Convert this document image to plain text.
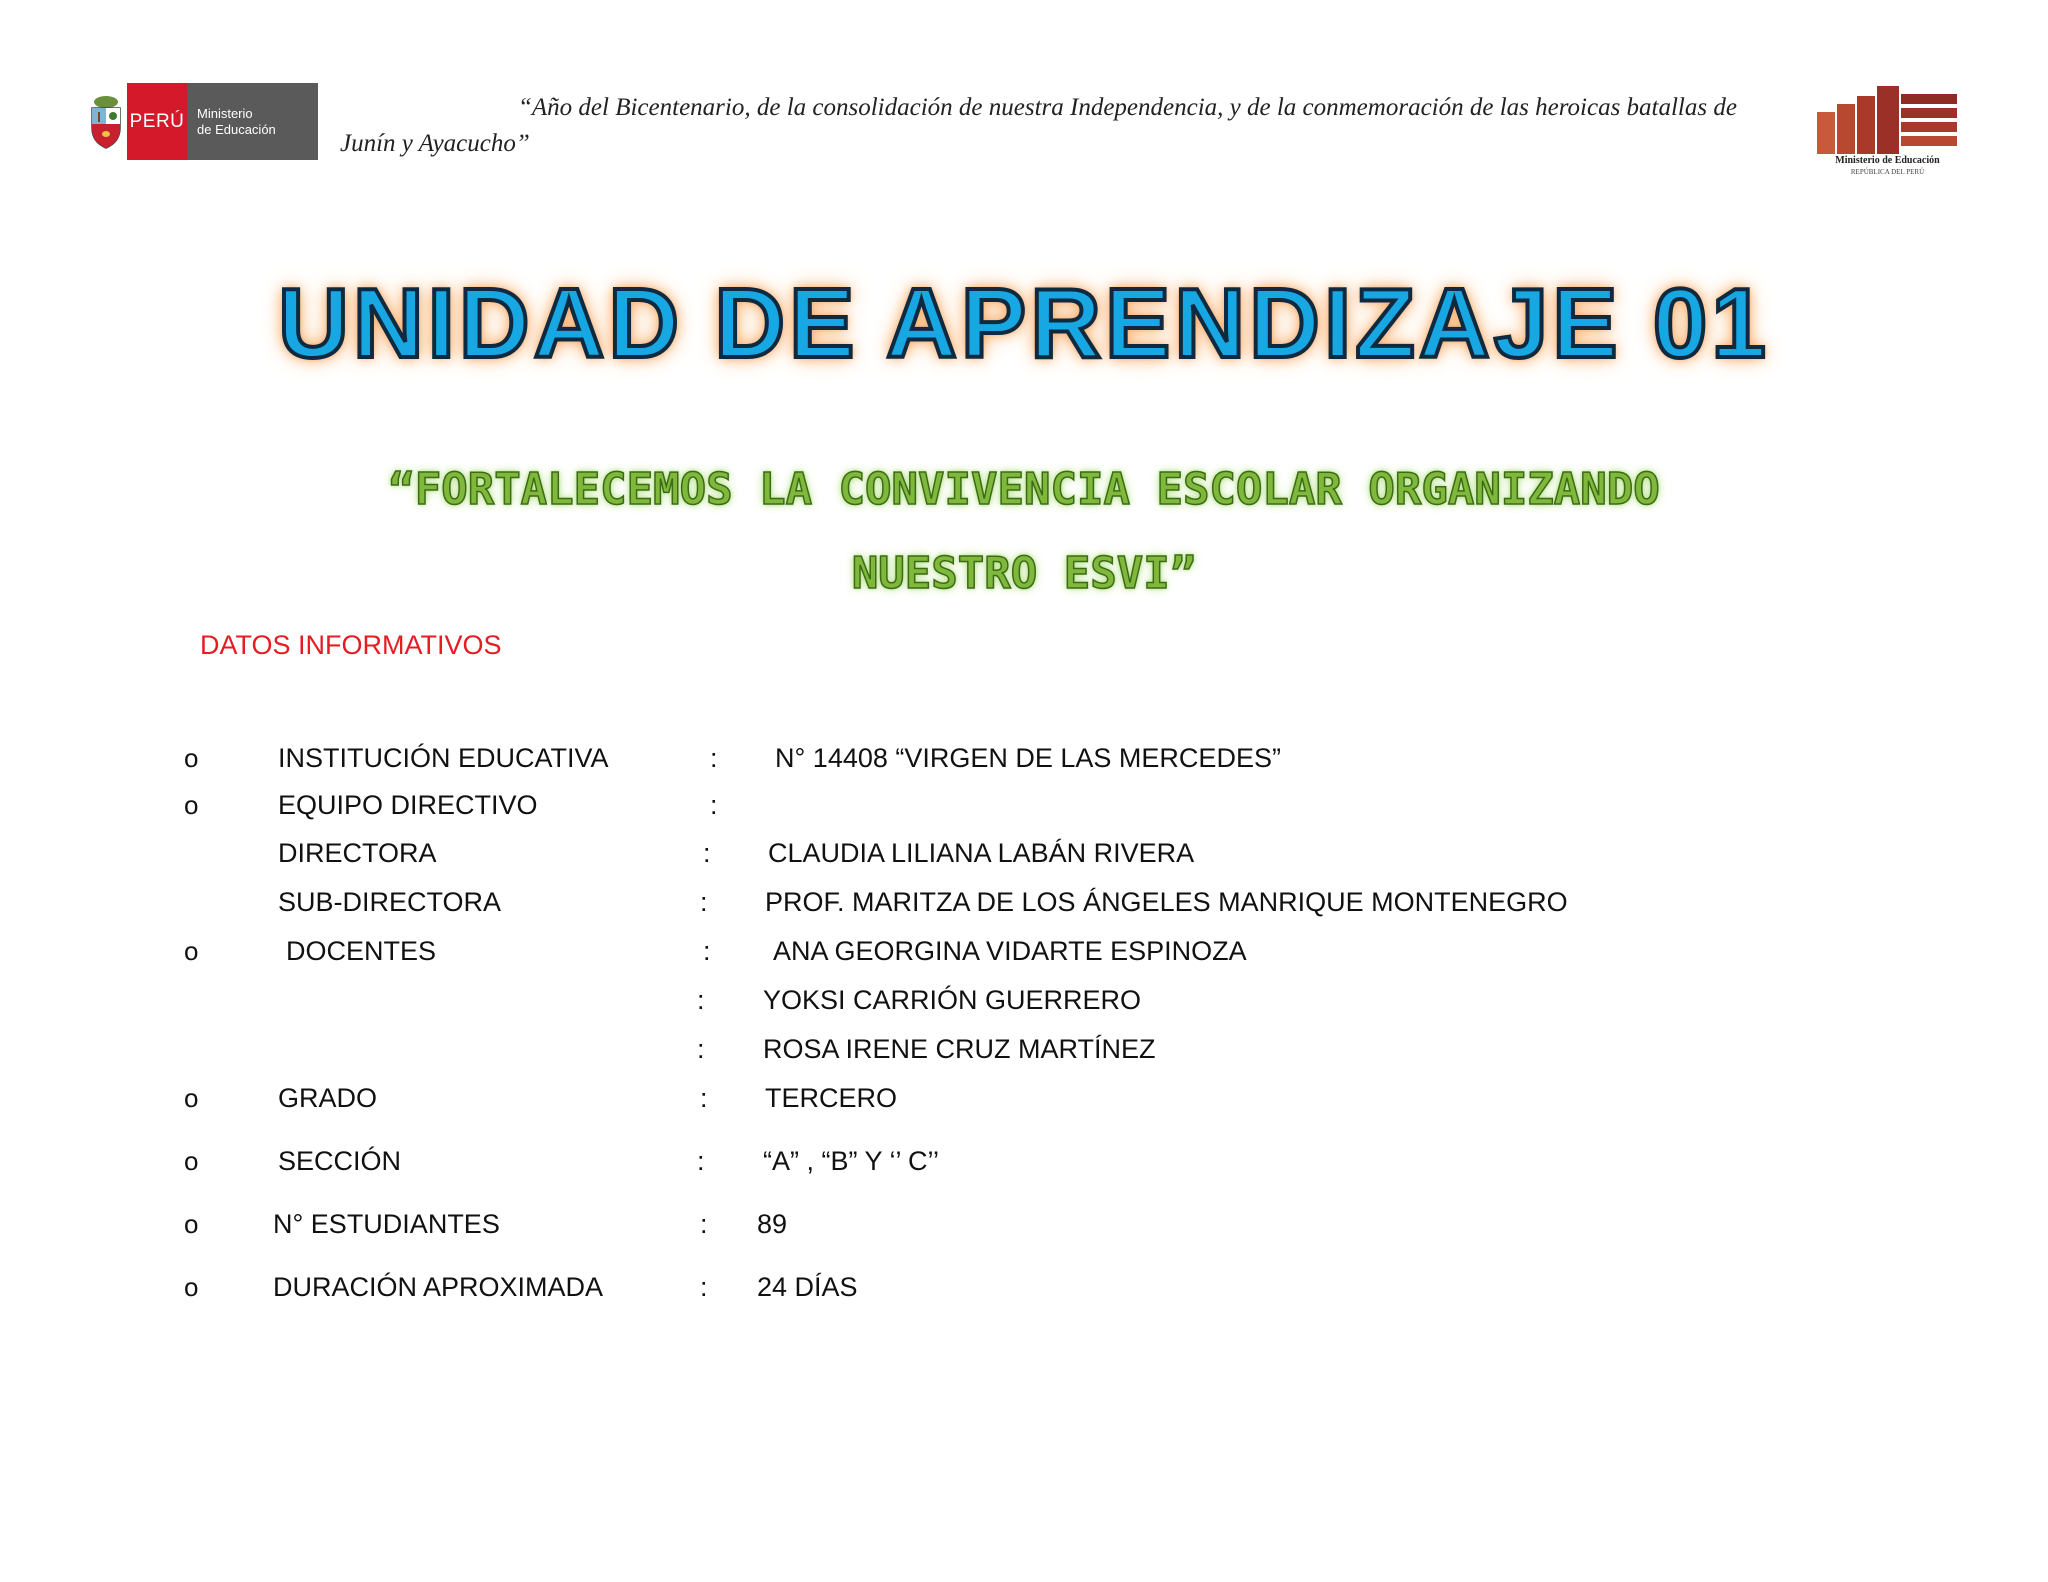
PERÚ Ministerio
de Educación
“Año del Bicentenario, de la consolidación de nuestra Independencia, y de la conmemoración de las heroicas batallas de
Junín y Ayacucho”
Ministerio de Educación
REPÚBLICA DEL PERÚ
UNIDAD DE APRENDIZAJE 01
“FORTALECEMOS LA CONVIVENCIA ESCOLAR ORGANIZANDO
NUESTRO ESVI”
DATOS INFORMATIVOS
o	INSTITUCIÓN EDUCATIVA	: N° 14408 “VIRGEN DE LAS MERCEDES”
o	EQUIPO DIRECTIVO	:
DIRECTORA	: CLAUDIA LILIANA LABÁN RIVERA
SUB-DIRECTORA	: PROF. MARITZA DE LOS ÁNGELES MANRIQUE MONTENEGRO
o	DOCENTES	: ANA GEORGINA VIDARTE ESPINOZA
: YOKSI CARRIÓN GUERRERO
: ROSA IRENE CRUZ MARTÍNEZ
o	GRADO	: TERCERO
o	SECCIÓN	: “A” , “B” Y ‘’ C’’
o	N° ESTUDIANTES	: 89
o	DURACIÓN APROXIMADA	: 24 DÍAS
